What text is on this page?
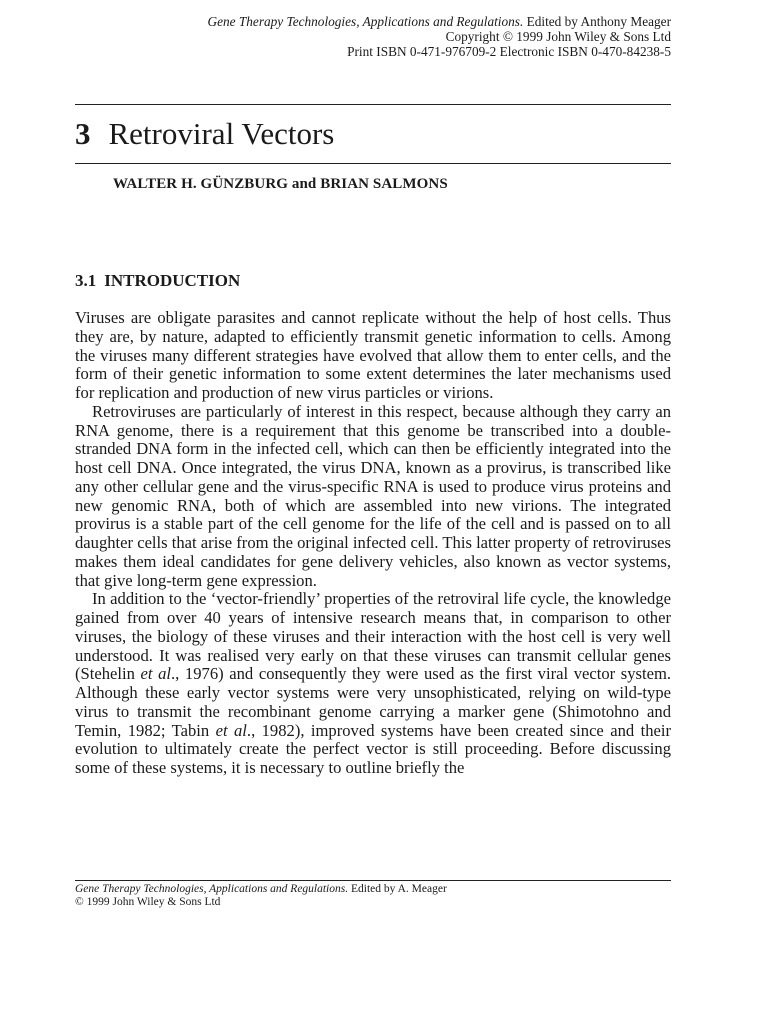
Gene Therapy Technologies, Applications and Regulations. Edited by Anthony Meager
Copyright © 1999 John Wiley & Sons Ltd
Print ISBN 0-471-976709-2 Electronic ISBN 0-470-84238-5
3 Retroviral Vectors
WALTER H. GÜNZBURG and BRIAN SALMONS
3.1 INTRODUCTION

Viruses are obligate parasites and cannot replicate without the help of host cells. Thus they are, by nature, adapted to efficiently transmit genetic information to cells. Among the viruses many different strategies have evolved that allow them to enter cells, and the form of their genetic information to some extent determines the later mechanisms used for replication and production of new virus particles or virions.

Retroviruses are particularly of interest in this respect, because although they carry an RNA genome, there is a requirement that this genome be transcribed into a double-stranded DNA form in the infected cell, which can then be efficiently integrated into the host cell DNA. Once integrated, the virus DNA, known as a provirus, is transcribed like any other cellular gene and the virus-specific RNA is used to produce virus proteins and new genomic RNA, both of which are assembled into new virions. The integrated provirus is a stable part of the cell genome for the life of the cell and is passed on to all daughter cells that arise from the original infected cell. This latter property of retroviruses makes them ideal candidates for gene delivery vehicles, also known as vector systems, that give long-term gene expression.

In addition to the ‘vector-friendly’ properties of the retroviral life cycle, the knowledge gained from over 40 years of intensive research means that, in comparison to other viruses, the biology of these viruses and their interaction with the host cell is very well understood. It was realised very early on that these viruses can transmit cellular genes (Stehelin et al., 1976) and consequently they were used as the first viral vector system. Although these early vector systems were very unsophisticated, relying on wild-type virus to transmit the recombinant genome carrying a marker gene (Shimotohno and Temin, 1982; Tabin et al., 1982), improved systems have been created since and their evolution to ultimately create the perfect vector is still proceeding. Before discussing some of these systems, it is necessary to outline briefly the

Gene Therapy Technologies, Applications and Regulations. Edited by A. Meager
© 1999 John Wiley & Sons Ltd
